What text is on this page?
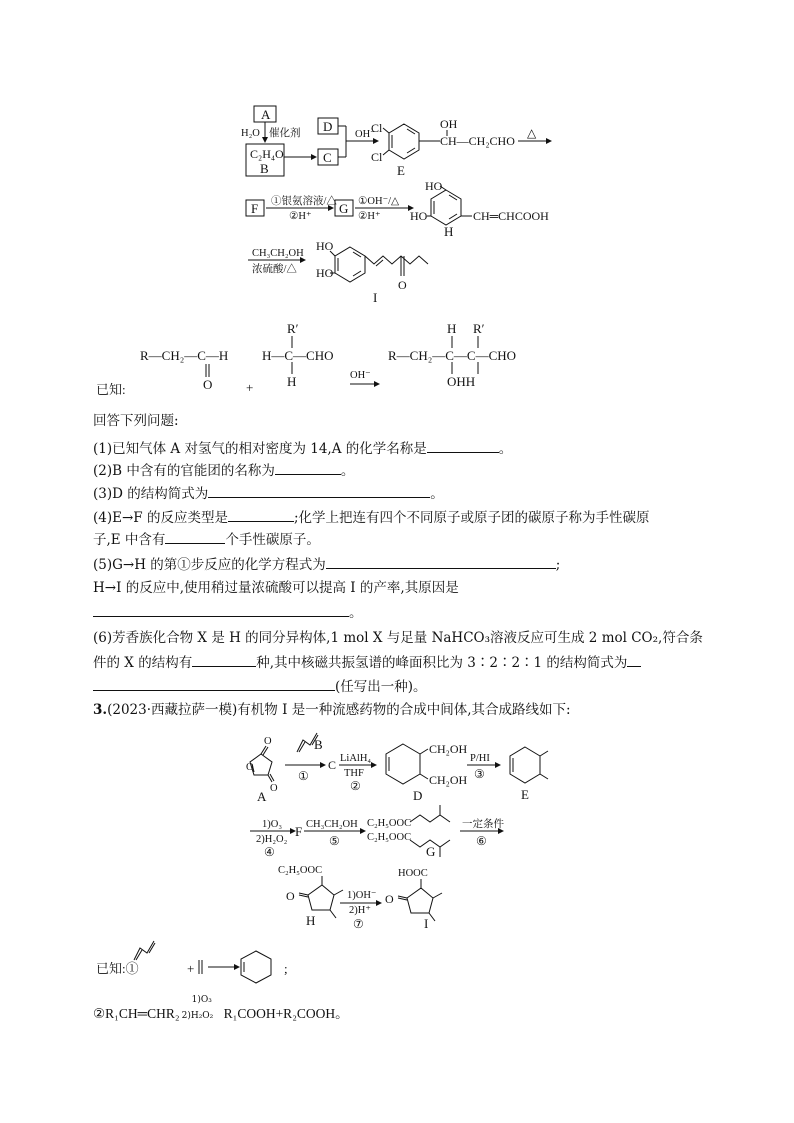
A
H₂O 催化剂
C₂H₄O
B
D
C
OH⁻
Cl
Cl
OH
CH—CH₂CHO
E
△
F ①银氨溶液/△
②H⁺
G ①OH⁻/△
②H⁺
HO
HO	CH═CHCOOH
H
CH₃CH₂OH
浓硫酸/△
HO
HO
O
I
已知:
R—CH₂—C—H
O	+
R′
H—C—CHO
H	OH⁻
R—CH₂—C—C—CHO
H R′
OHH
回答下列问题:
(1)已知气体 A 对氢气的相对密度为 14,A 的化学名称是	。
(2)B 中含有的官能团的名称为	。
(3)D 的结构简式为	。
(4)E→F 的反应类型是	;化学上把连有四个不同原子或原子团的碳原子称为手性碳原
子,E 中含有	个手性碳原子。
(5)G→H 的第①步反应的化学方程式为	;
H→I 的反应中,使用稍过量浓硫酸可以提高 I 的产率,其原因是
。
(6)芳香族化合物 X 是 H 的同分异构体,1 mol X 与足量 NaHCO₃溶液反应可生成 2 mol CO₂,符合条
件的 X 的结构有	种,其中核磁共振氢谱的峰面积比为 3∶2∶2∶1 的结构简式为
(任写出一种)。
3.(2023·西藏拉萨一模)有机物 I 是一种流感药物的合成中间体,其合成路线如下:
O
O
O
A
B
①
C LiAlH₄
THF
②
CH₂OH
CH₂OH
D
P/HI
③
E
1)O₃
2)H₂O₂
④
F CH₃CH₂OH
⑤
C₂H₅OOC
C₂H₅OOC
G
一定条件
⑥
C₂H₅OOC
O
H
1)OH⁻
2)H⁺
⑦
HOOC
O
I
已知:①	+	;
②R₁CH═CHR₂
1)O₃
2)H₂O₂ R₁COOH+R₂COOH。
